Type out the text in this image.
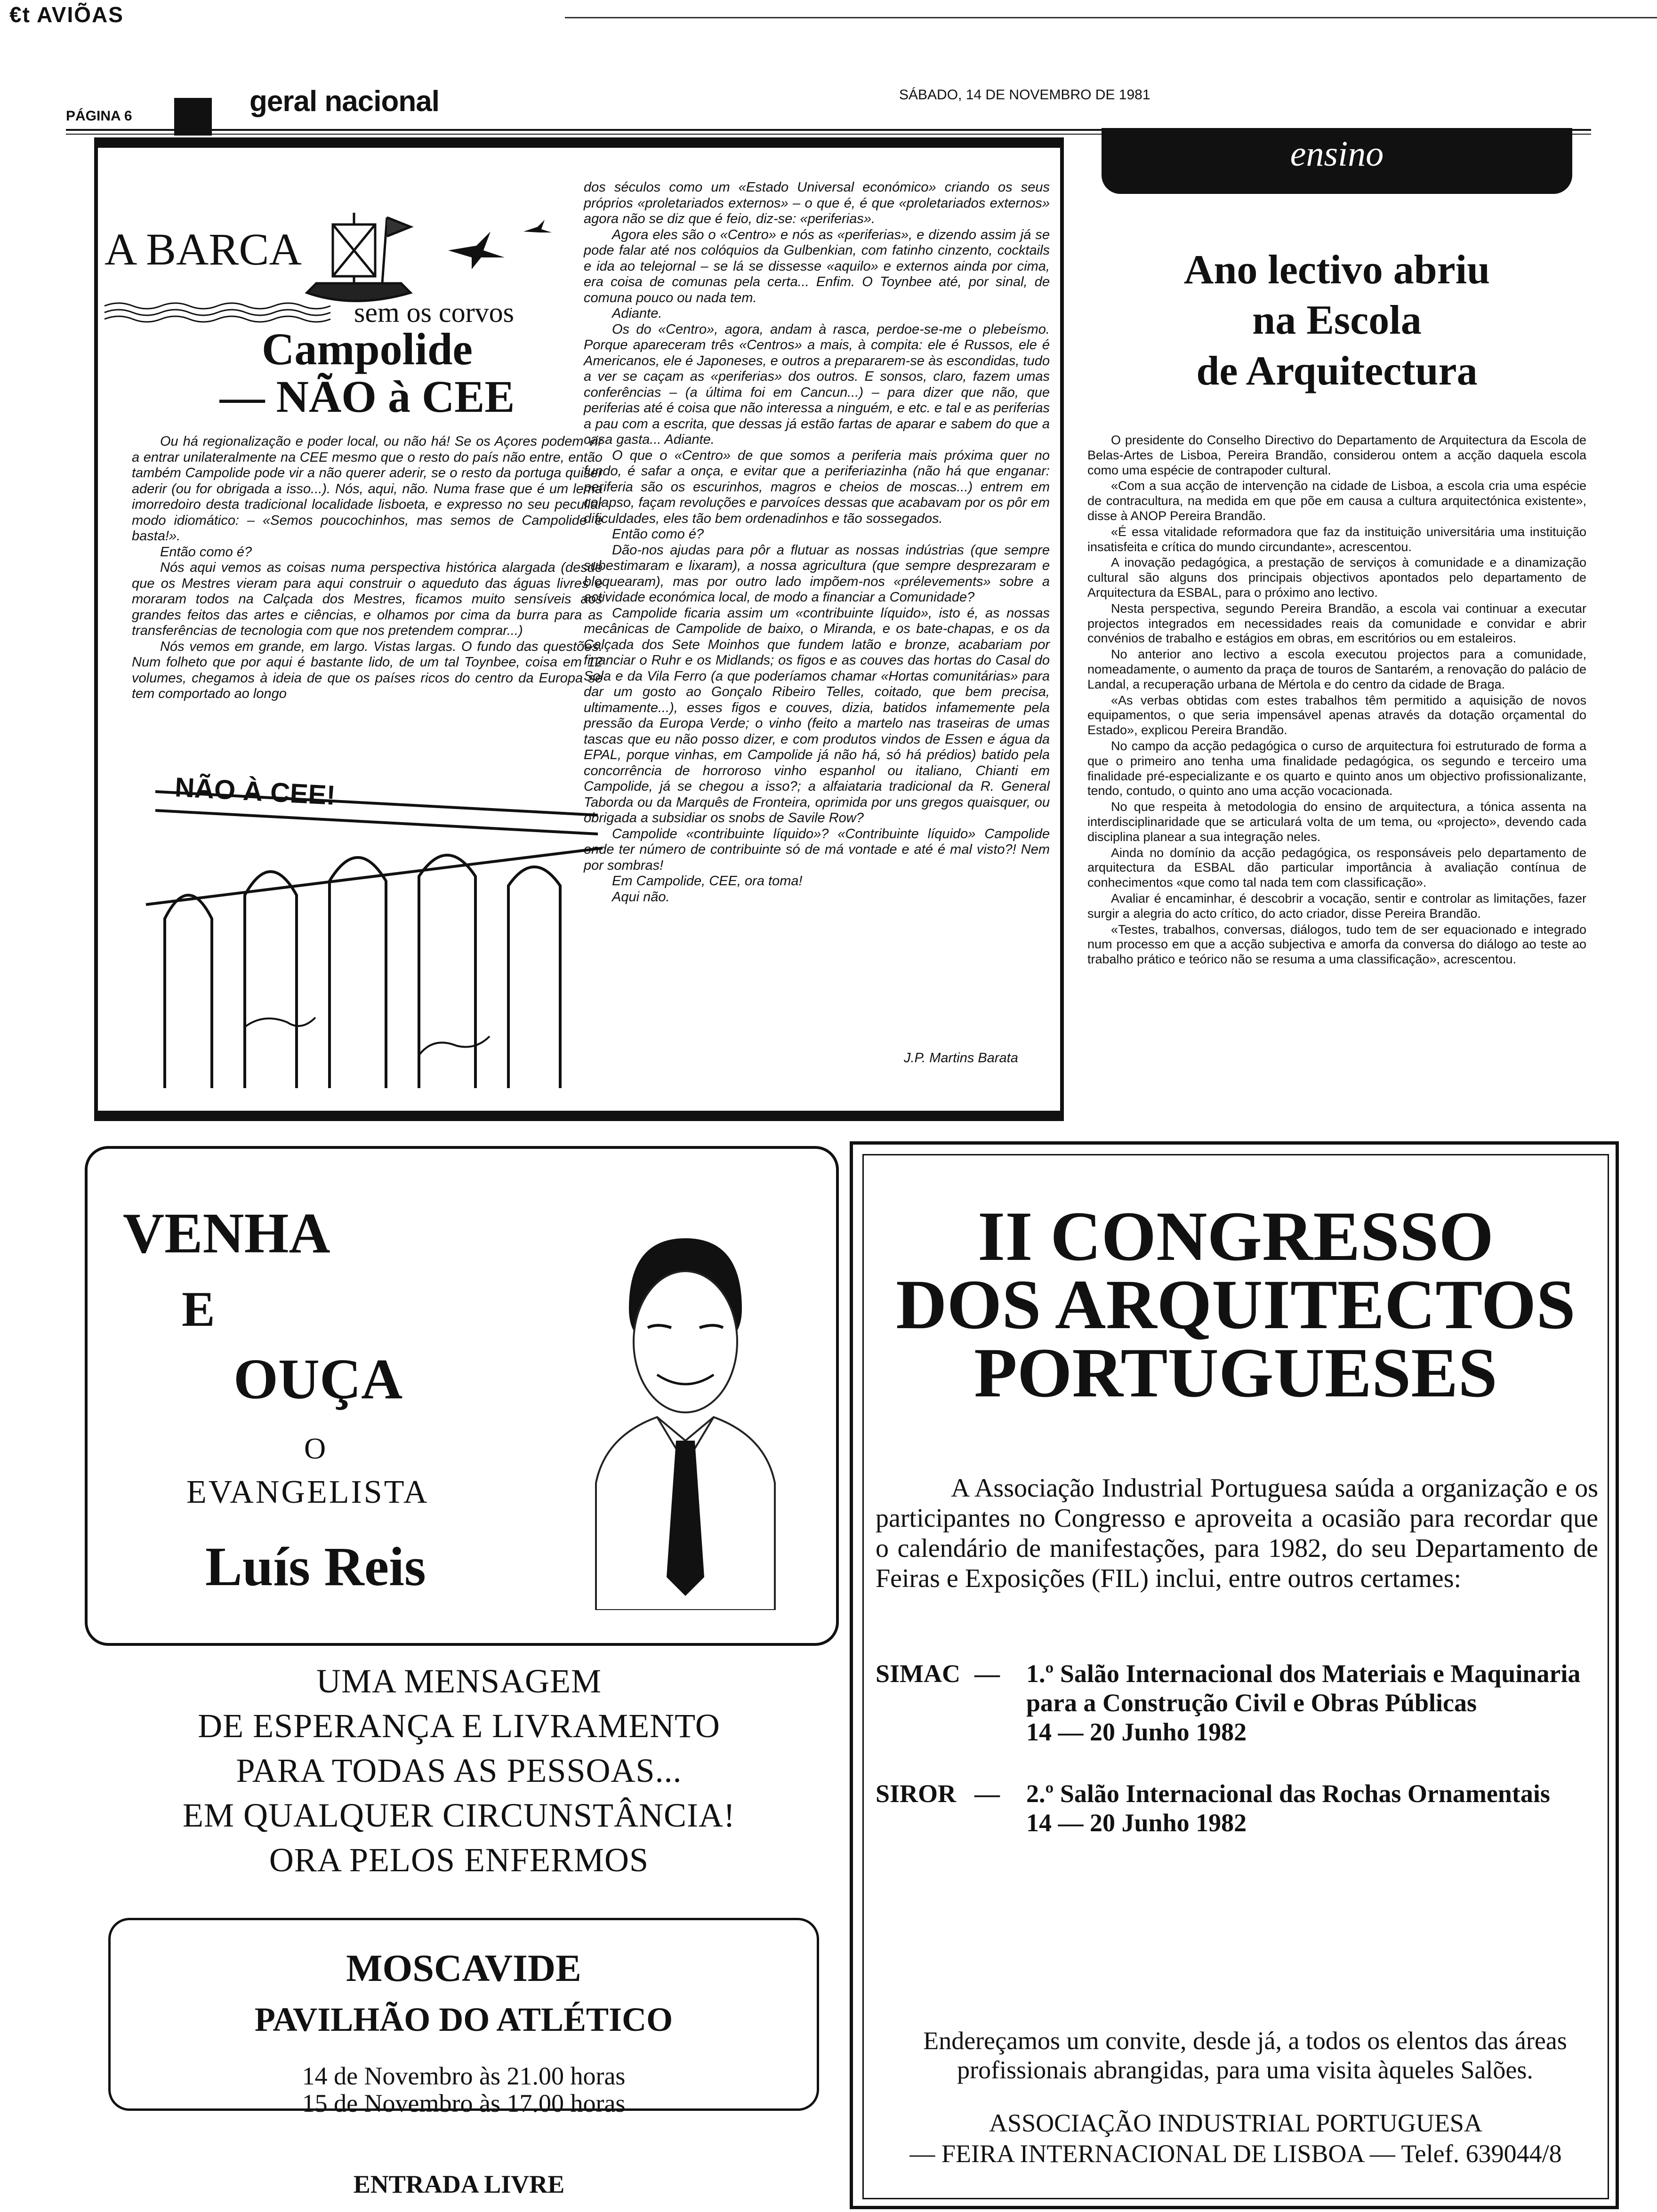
€t AVIÕAS
PÁGINA 6	geral nacional	SÁBADO, 14 DE NOVEMBRO DE 1981
A BARCA
sem os corvos
Campolide
— NÃO à CEE

Ou há regionalização e poder local, ou não há! Se os Açores podem vir a entrar unilateralmente na CEE mesmo que o resto do país não entre, então também Campolide pode vir a não querer aderir, se o resto da portuga quiser aderir (ou for obrigada a isso...). Nós, aqui, não. Numa frase que é um lema imorredoiro desta tradicional localidade lisboeta, e expresso no seu peculiar modo idiomático: – «Semos poucochinhos, mas semos de Campolide e basta!».

Então como é?

Nós aqui vemos as coisas numa perspectiva histórica alargada (desde que os Mestres vieram para aqui construir o aqueduto das águas livres e moraram todos na Calçada dos Mestres, ficamos muito sensíveis aos grandes feitos das artes e ciências, e olhamos por cima da burra para as transferências de tecnologia com que nos pretendem comprar...)

Nós vemos em grande, em largo. Vistas largas. O fundo das questões. Num folheto que por aqui é bastante lido, de um tal Toynbee, coisa em 12 volumes, chegamos à ideia de que os países ricos do centro da Europa se tem comportado ao longo

NÃO À CEE!

dos séculos como um «Estado Universal económico» criando os seus próprios «proletariados externos» – o que é, é que «proletariados externos» agora não se diz que é feio, diz-se: «periferias».

Agora eles são o «Centro» e nós as «periferias», e dizendo assim já se pode falar até nos colóquios da Gulbenkian, com fatinho cinzento, cocktails e ida ao telejornal – se lá se dissesse «aquilo» e externos ainda por cima, era coisa de comunas pela certa... Enfim. O Toynbee até, por sinal, de comuna pouco ou nada tem.

Adiante.

Os do «Centro», agora, andam à rasca, perdoe-se-me o plebeísmo. Porque apareceram três «Centros» a mais, à compita: ele é Russos, ele é Americanos, ele é Japoneses, e outros a prepararem-se às escondidas, tudo a ver se caçam as «periferias» dos outros. E sonsos, claro, fazem umas conferências – (a última foi em Cancun...) – para dizer que não, que periferias até é coisa que não interessa a ninguém, e etc. e tal e as periferias a pau com a escrita, que dessas já estão fartas de aparar e sabem do que a casa gasta... Adiante.

O que o «Centro» de que somos a periferia mais próxima quer no fundo, é safar a onça, e evitar que a periferiazinha (não há que enganar: periferia são os escurinhos, magros e cheios de moscas...) entrem em colapso, façam revoluções e parvoíces dessas que acabavam por os pôr em dificuldades, eles tão bem ordenadinhos e tão sossegados.

Então como é?

Dão-nos ajudas para pôr a flutuar as nossas indústrias (que sempre subestimaram e lixaram), a nossa agricultura (que sempre desprezaram e bloquearam), mas por outro lado impõem-nos «prélevements» sobre a actividade económica local, de modo a financiar a Comunidade?

Campolide ficaria assim um «contribuinte líquido», isto é, as nossas mecânicas de Campolide de baixo, o Miranda, e os bate-chapas, e os da Calçada dos Sete Moinhos que fundem latão e bronze, acabariam por financiar o Ruhr e os Midlands; os figos e as couves das hortas do Casal do Sola e da Vila Ferro (a que poderíamos chamar «Hortas comunitárias» para dar um gosto ao Gonçalo Ribeiro Telles, coitado, que bem precisa, ultimamente...), esses figos e couves, dizia, batidos infamemente pela pressão da Europa Verde; o vinho (feito a martelo nas traseiras de umas tascas que eu não posso dizer, e com produtos vindos de Essen e água da EPAL, porque vinhas, em Campolide já não há, só há prédios) batido pela concorrência de horroroso vinho espanhol ou italiano, Chianti em Campolide, já se chegou a isso?; a alfaiataria tradicional da R. General Taborda ou da Marquês de Fronteira, oprimida por uns gregos quaisquer, ou obrigada a subsidiar os snobs de Savile Row?

Campolide «contribuinte líquido»? «Contribuinte líquido» Campolide onde ter número de contribuinte só de má vontade e até é mal visto?! Nem por sombras!

Em Campolide, CEE, ora toma!

Aqui não.

J.P. Martins Barata
ensino
Ano lectivo abriu
na Escola
de Arquitectura

O presidente do Conselho Directivo do Departamento de Arquitectura da Escola de Belas-Artes de Lisboa, Pereira Brandão, considerou ontem a acção daquela escola como uma espécie de contrapoder cultural.

«Com a sua acção de intervenção na cidade de Lisboa, a escola cria uma espécie de contracultura, na medida em que põe em causa a cultura arquitectónica existente», disse à ANOP Pereira Brandão.

«É essa vitalidade reformadora que faz da instituição universitária uma instituição insatisfeita e crítica do mundo circundante», acrescentou.

A inovação pedagógica, a prestação de serviços à comunidade e a dinamização cultural são alguns dos principais objectivos apontados pelo departamento de Arquitectura da ESBAL, para o próximo ano lectivo.

Nesta perspectiva, segundo Pereira Brandão, a escola vai continuar a executar projectos integrados em necessidades reais da comunidade e convidar e abrir convénios de trabalho e estágios em obras, em escritórios ou em estaleiros.

No anterior ano lectivo a escola executou projectos para a comunidade, nomeadamente, o aumento da praça de touros de Santarém, a renovação do palácio de Landal, a recuperação urbana de Mértola e do centro da cidade de Braga.

«As verbas obtidas com estes trabalhos têm permitido a aquisição de novos equipamentos, o que seria impensável apenas através da dotação orçamental do Estado», explicou Pereira Brandão.

No campo da acção pedagógica o curso de arquitectura foi estruturado de forma a que o primeiro ano tenha uma finalidade pedagógica, os segundo e terceiro uma finalidade pré-especializante e os quarto e quinto anos um objectivo profissionalizante, tendo, contudo, o quinto ano uma acção vocacionada.

No que respeita à metodologia do ensino de arquitectura, a tónica assenta na interdisciplinaridade que se articulará volta de um tema, ou «projecto», devendo cada disciplina planear a sua integração neles.

Ainda no domínio da acção pedagógica, os responsáveis pelo departamento de arquitectura da ESBAL dão particular importância à avaliação contínua de conhecimentos «que como tal nada tem com classificação».

Avaliar é encaminhar, é descobrir a vocação, sentir e controlar as limitações, fazer surgir a alegria do acto crítico, do acto criador, disse Pereira Brandão.

«Testes, trabalhos, conversas, diálogos, tudo tem de ser equacionado e integrado num processo em que a acção subjectiva e amorfa da conversa do diálogo ao teste ao trabalho prático e teórico não se resuma a uma classificação», acrescentou.

VENHA
E
OUÇA
O
EVANGELISTA
Luís Reis
UMA MENSAGEM
DE ESPERANÇA E LIVRAMENTO
PARA TODAS AS PESSOAS...
EM QUALQUER CIRCUNSTÂNCIA!
ORA PELOS ENFERMOS
MOSCAVIDE
PAVILHÃO DO ATLÉTICO
14 de Novembro às 21.00 horas
15 de Novembro às 17.00 horas
ENTRADA LIVRE
II CONGRESSO
DOS ARQUITECTOS
PORTUGUESES

A Associação Industrial Portuguesa saúda a organização e os participantes no Congresso e aproveita a ocasião para recordar que o calendário de manifestações, para 1982, do seu Departamento de Feiras e Exposições (FIL) inclui, entre outros certames:

SIMAC — 1.º Salão Internacional dos Materiais e Maquinaria para a Construção Civil e Obras Públicas
14 — 20 Junho 1982
SIROR — 2.º Salão Internacional das Rochas Ornamentais
14 — 20 Junho 1982

Endereçamos um convite, desde já, a todos os elentos das áreas profissionais abrangidas, para uma visita àqueles Salões.

ASSOCIAÇÃO INDUSTRIAL PORTUGUESA
— FEIRA INTERNACIONAL DE LISBOA — Telef. 639044/8
